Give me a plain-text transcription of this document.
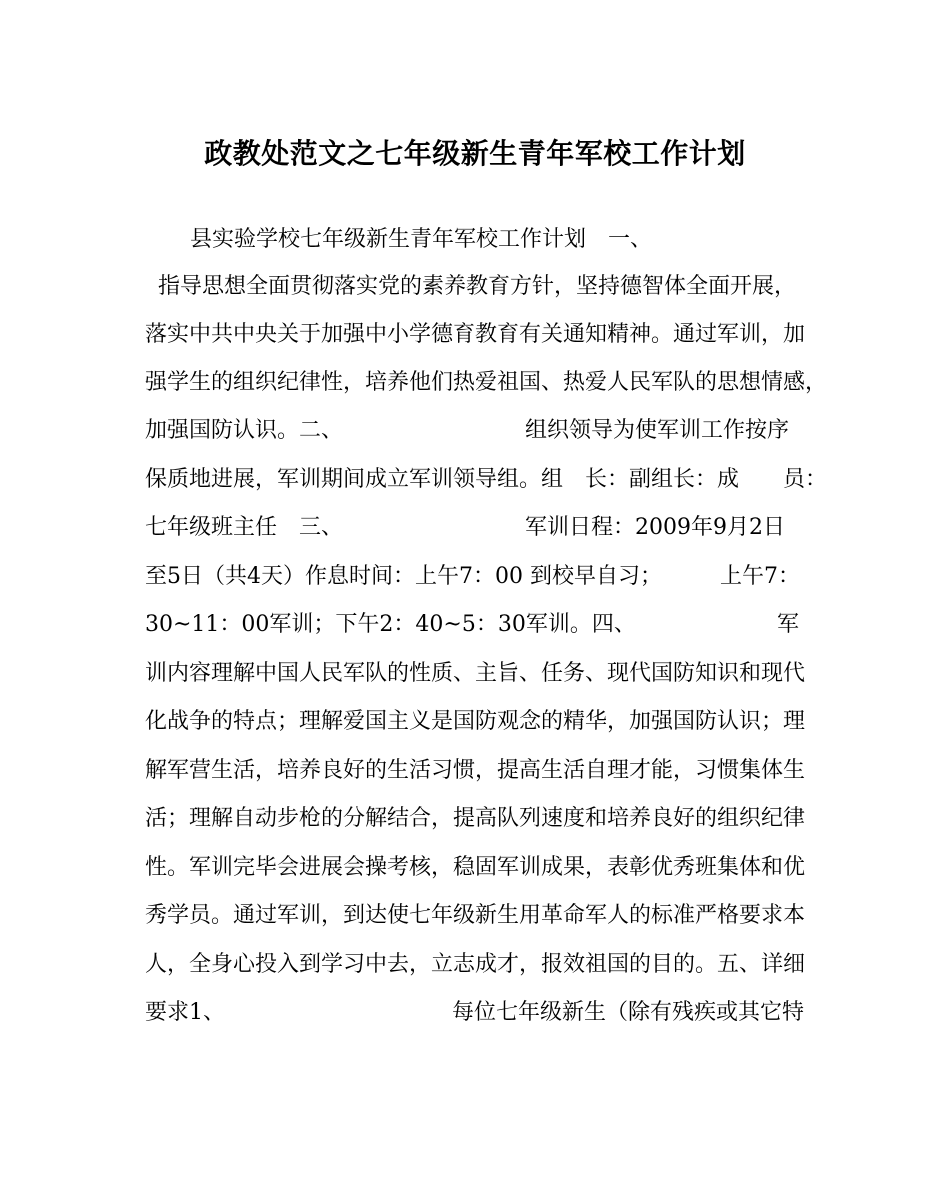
政教处范文之七年级新生青年军校工作计划
县实验学校七年级新生青年军校工作计划　一、
指导思想全面贯彻落实党的素养教育方针，坚持德智体全面开展，
落实中共中央关于加强中小学德育教育有关通知精神。通过军训，加
强学生的组织纪律性，培养他们热爱祖国、热爱人民军队的思想情感，
加强国防认识。二、	组织领导为使军训工作按序
保质地进展，军训期间成立军训领导组。组　长：副组长：成　　员：
七年级班主任　三、	军训日程：2009年9月2日
至5日（共4天）作息时间：上午7：00 到校早自习；	上午7：
30~11：00军训；下午2：40~5：30军训。四、	军
训内容理解中国人民军队的性质、主旨、任务、现代国防知识和现代
化战争的特点；理解爱国主义是国防观念的精华，加强国防认识；理
解军营生活，培养良好的生活习惯，提高生活自理才能，习惯集体生
活；理解自动步枪的分解结合，提高队列速度和培养良好的组织纪律
性。军训完毕会进展会操考核，稳固军训成果，表彰优秀班集体和优
秀学员。通过军训，到达使七年级新生用革命军人的标准严格要求本
人，全身心投入到学习中去，立志成才，报效祖国的目的。五、详细
要求1、	每位七年级新生（除有残疾或其它特
